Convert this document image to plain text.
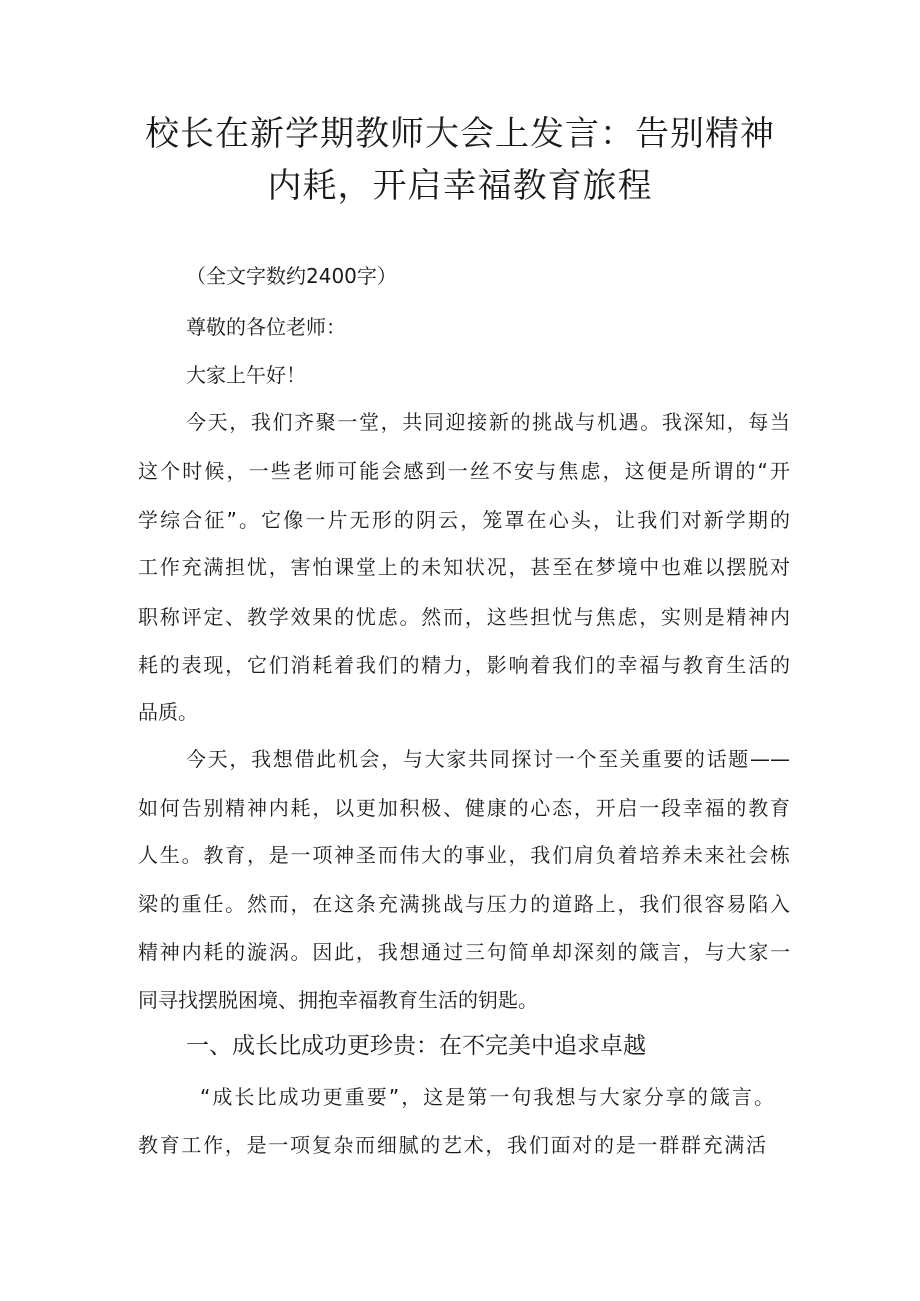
校长在新学期教师大会上发言：告别精神
内耗，开启幸福教育旅程
（全文字数约2400字）
尊敬的各位老师：
大家上午好！
今天，我们齐聚一堂，共同迎接新的挑战与机遇。我深知，每当
这个时候，一些老师可能会感到一丝不安与焦虑，这便是所谓的“开
学综合征”。它像一片无形的阴云，笼罩在心头，让我们对新学期的
工作充满担忧，害怕课堂上的未知状况，甚至在梦境中也难以摆脱对
职称评定、教学效果的忧虑。然而，这些担忧与焦虑，实则是精神内
耗的表现，它们消耗着我们的精力，影响着我们的幸福与教育生活的
品质。
今天，我想借此机会，与大家共同探讨一个至关重要的话题——
如何告别精神内耗，以更加积极、健康的心态，开启一段幸福的教育
人生。教育，是一项神圣而伟大的事业，我们肩负着培养未来社会栋
梁的重任。然而，在这条充满挑战与压力的道路上，我们很容易陷入
精神内耗的漩涡。因此，我想通过三句简单却深刻的箴言，与大家一
同寻找摆脱困境、拥抱幸福教育生活的钥匙。
一、成长比成功更珍贵：在不完美中追求卓越
“成长比成功更重要”，这是第一句我想与大家分享的箴言。
教育工作，是一项复杂而细腻的艺术，我们面对的是一群群充满活
